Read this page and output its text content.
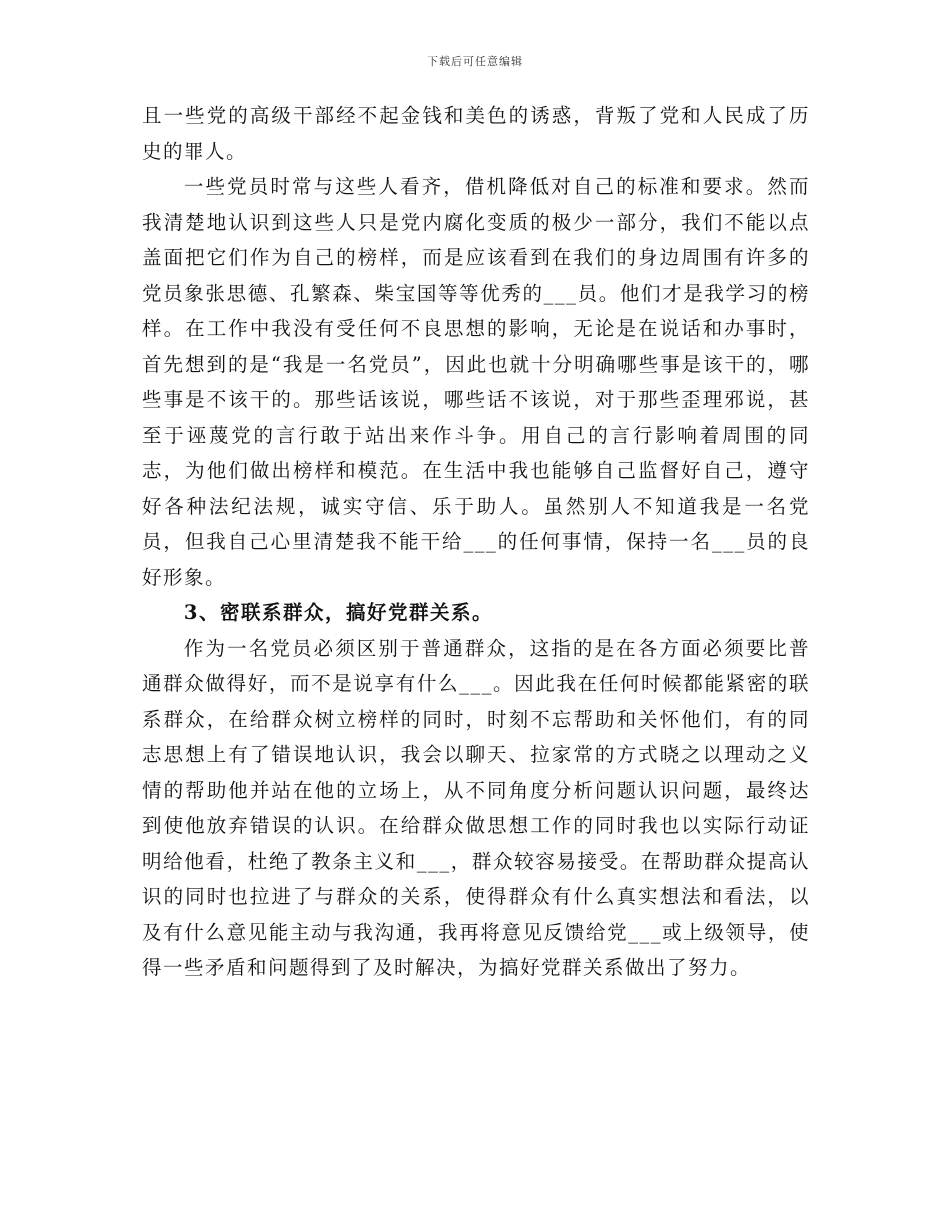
下载后可任意编辑

且一些党的高级干部经不起金钱和美色的诱惑，背叛了党和人民成了历史的罪人。

一些党员时常与这些人看齐，借机降低对自己的标准和要求。然而我清楚地认识到这些人只是党内腐化变质的极少一部分，我们不能以点盖面把它们作为自己的榜样，而是应该看到在我们的身边周围有许多的党员象张思德、孔繁森、柴宝国等等优秀的___员。他们才是我学习的榜样。在工作中我没有受任何不良思想的影响，无论是在说话和办事时，首先想到的是“我是一名党员”，因此也就十分明确哪些事是该干的，哪些事是不该干的。那些话该说，哪些话不该说，对于那些歪理邪说，甚至于诬蔑党的言行敢于站出来作斗争。用自己的言行影响着周围的同志，为他们做出榜样和模范。在生活中我也能够自己监督好自己，遵守好各种法纪法规，诚实守信、乐于助人。虽然别人不知道我是一名党员，但我自己心里清楚我不能干给___的任何事情，保持一名___员的良好形象。

3、密联系群众，搞好党群关系。

作为一名党员必须区别于普通群众，这指的是在各方面必须要比普通群众做得好，而不是说享有什么___。因此我在任何时候都能紧密的联系群众，在给群众树立榜样的同时，时刻不忘帮助和关怀他们，有的同志思想上有了错误地认识，我会以聊天、拉家常的方式晓之以理动之义情的帮助他并站在他的立场上，从不同角度分析问题认识问题，最终达到使他放弃错误的认识。在给群众做思想工作的同时我也以实际行动证明给他看，杜绝了教条主义和___，群众较容易接受。在帮助群众提高认识的同时也拉进了与群众的关系，使得群众有什么真实想法和看法，以及有什么意见能主动与我沟通，我再将意见反馈给党___或上级领导，使得一些矛盾和问题得到了及时解决，为搞好党群关系做出了努力。
